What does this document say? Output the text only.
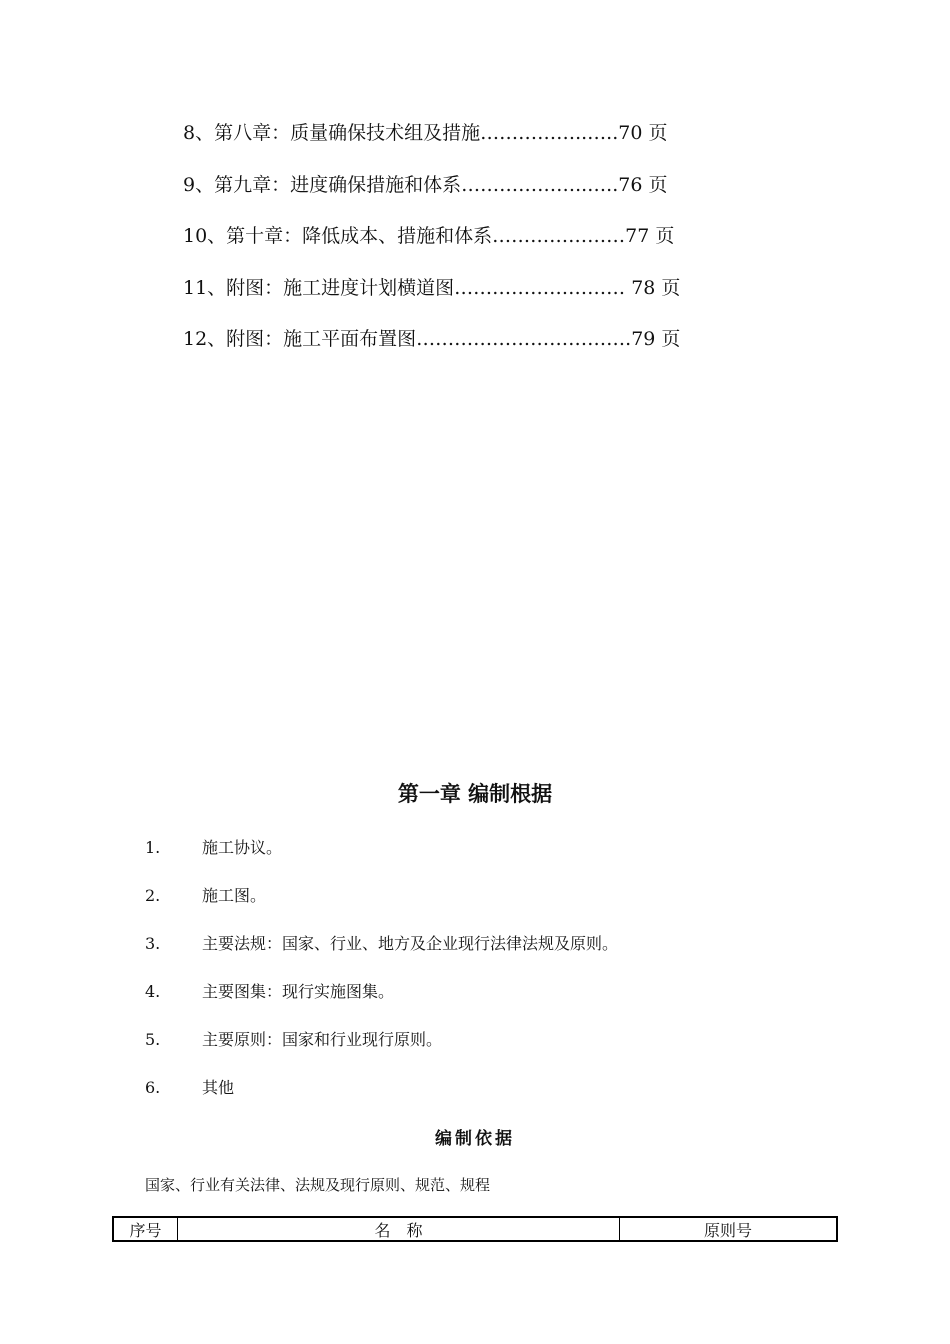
8、第八章：质量确保技术组及措施……………..…..70 页
9、第九章：进度确保措施和体系………………..…..76 页
10、第十章：降低成本、措施和体系…………………77 页
11、附图：施工进度计划横道图……………………… 78 页
12、附图：施工平面布置图…………………………….79 页
第一章 编制根据
1.	施工协议。
2.	施工图。
3.	主要法规：国家、行业、地方及企业现行法律法规及原则。
4.	主要图集：现行实施图集。
5.	主要原则：国家和行业现行原则。
6.	其他
编制依据
国家、行业有关法律、法规及现行原则、规范、规程
序号	名　称	原则号
